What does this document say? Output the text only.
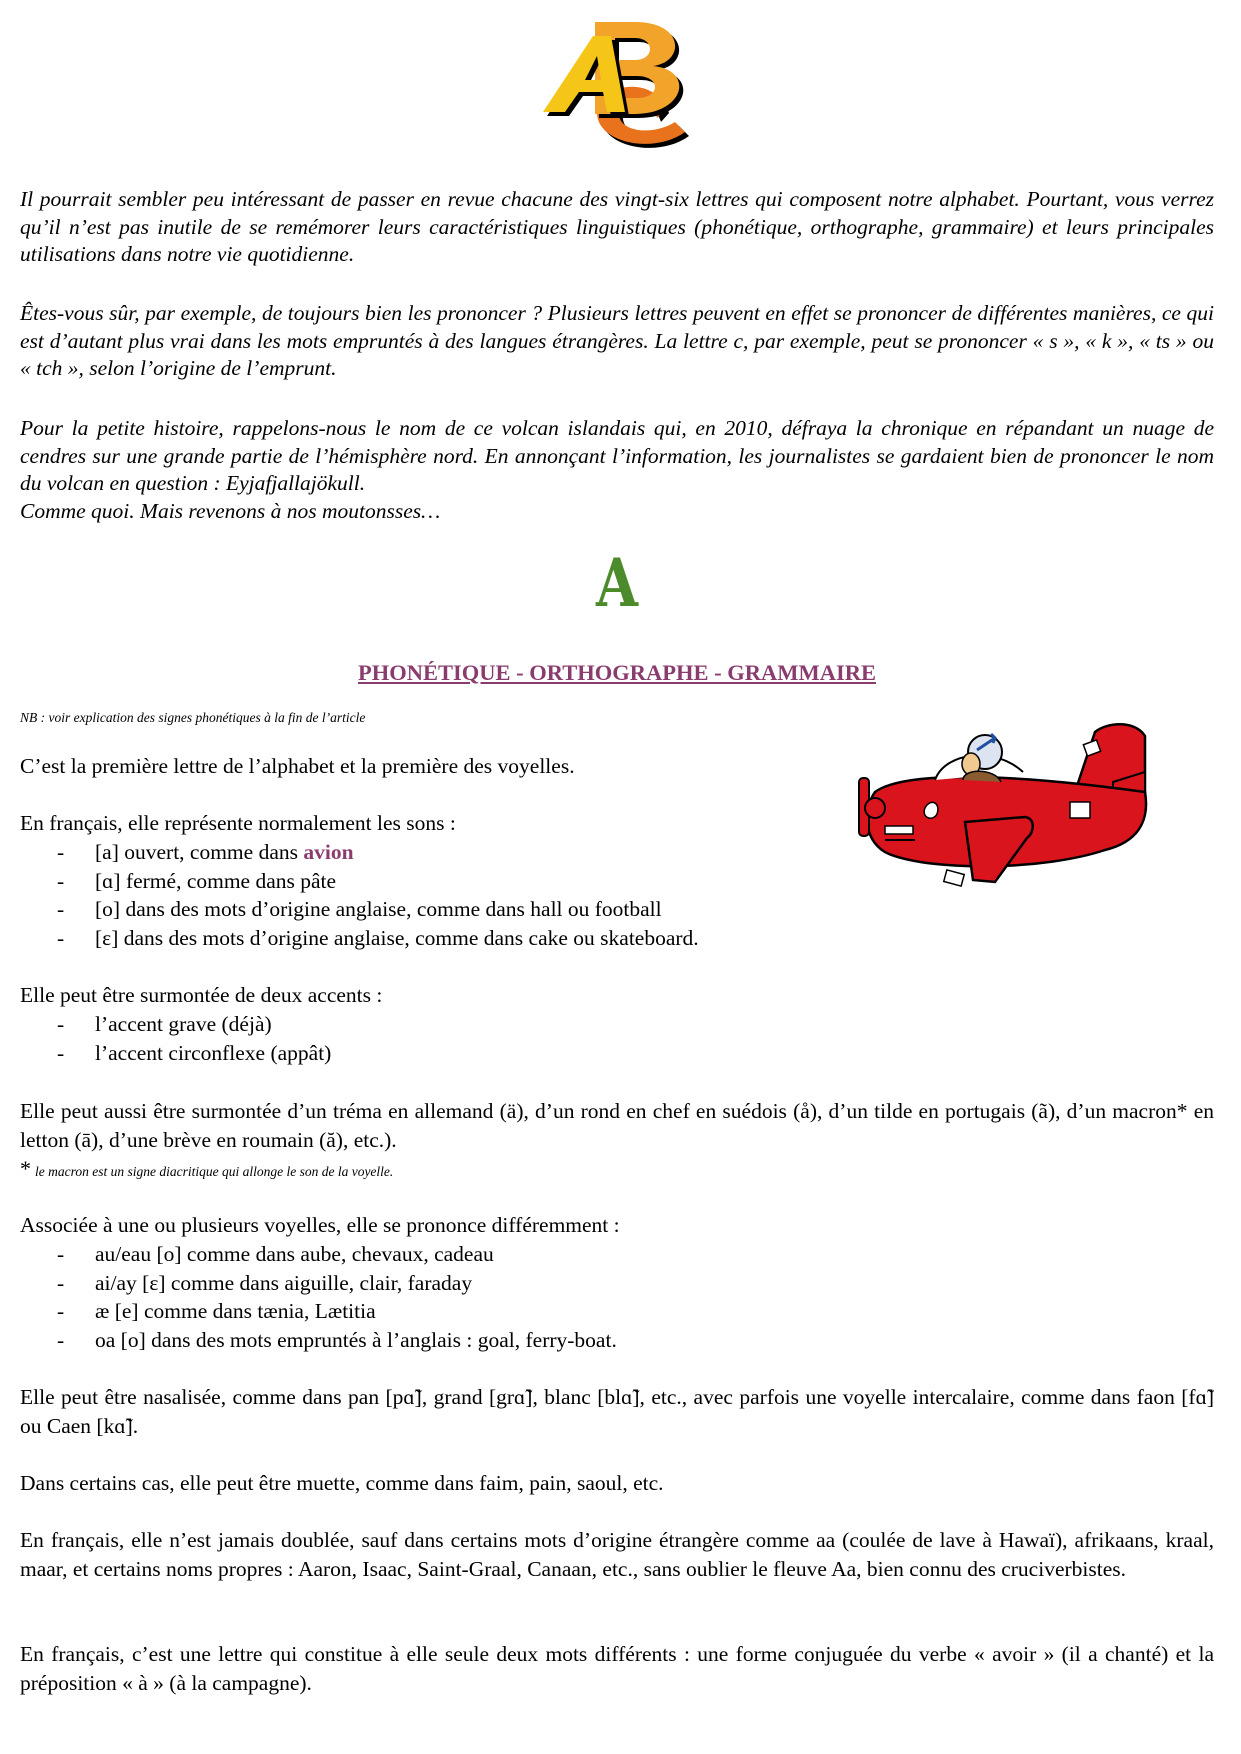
Il pourrait sembler peu intéressant de passer en revue chacune des vingt-six lettres qui composent notre alphabet. Pourtant, vous verrez qu’il n’est pas inutile de se remémorer leurs caractéristiques linguistiques (phonétique, orthographe, grammaire) et leurs principales utilisations dans notre vie quotidienne.

Êtes-vous sûr, par exemple, de toujours bien les prononcer ? Plusieurs lettres peuvent en effet se prononcer de différentes manières, ce qui est d’autant plus vrai dans les mots empruntés à des langues étrangères. La lettre c, par exemple, peut se prononcer « s », « k », « ts » ou « tch », selon l’origine de l’emprunt.

Pour la petite histoire, rappelons-nous le nom de ce volcan islandais qui, en 2010, défraya la chronique en répandant un nuage de cendres sur une grande partie de l’hémisphère nord. En annonçant l’information, les journalistes se gardaient bien de prononcer le nom du volcan en question : Eyjafjallajökull.
Comme quoi. Mais revenons à nos moutonsses…
A
PHONÉTIQUE - ORTHOGRAPHE - GRAMMAIRE

NB : voir explication des signes phonétiques à la fin de l’article

C’est la première lettre de l’alphabet et la première des voyelles.

En français, elle représente normalement les sons :

- [a] ouvert, comme dans avion
- [ɑ] fermé, comme dans pâte
- [o] dans des mots d’origine anglaise, comme dans hall ou football
- [ɛ] dans des mots d’origine anglaise, comme dans cake ou skateboard.

Elle peut être surmontée de deux accents :

- l’accent grave (déjà)
- l’accent circonflexe (appât)

Elle peut aussi être surmontée d’un tréma en allemand (ä), d’un rond en chef en suédois (å), d’un tilde en portugais (ã), d’un macron* en letton (ā), d’une brève en roumain (ă), etc.).

* le macron est un signe diacritique qui allonge le son de la voyelle.

Associée à une ou plusieurs voyelles, elle se prononce différemment :

- au/eau [o] comme dans aube, chevaux, cadeau
- ai/ay [ɛ] comme dans aiguille, clair, faraday
- æ [e] comme dans tænia, Lætitia
- oa [o] dans des mots empruntés à l’anglais : goal, ferry-boat.

Elle peut être nasalisée, comme dans pan [pɑ̃], grand [grɑ̃], blanc [blɑ̃], etc., avec parfois une voyelle intercalaire, comme dans faon [fɑ̃] ou Caen [kɑ̃].

Dans certains cas, elle peut être muette, comme dans faim, pain, saoul, etc.

En français, elle n’est jamais doublée, sauf dans certains mots d’origine étrangère comme aa (coulée de lave à Hawaï), afrikaans, kraal, maar, et certains noms propres : Aaron, Isaac, Saint-Graal, Canaan, etc., sans oublier le fleuve Aa, bien connu des cruciverbistes.

En français, c’est une lettre qui constitue à elle seule deux mots différents : une forme conjuguée du verbe « avoir » (il a chanté) et la préposition « à » (à la campagne).
